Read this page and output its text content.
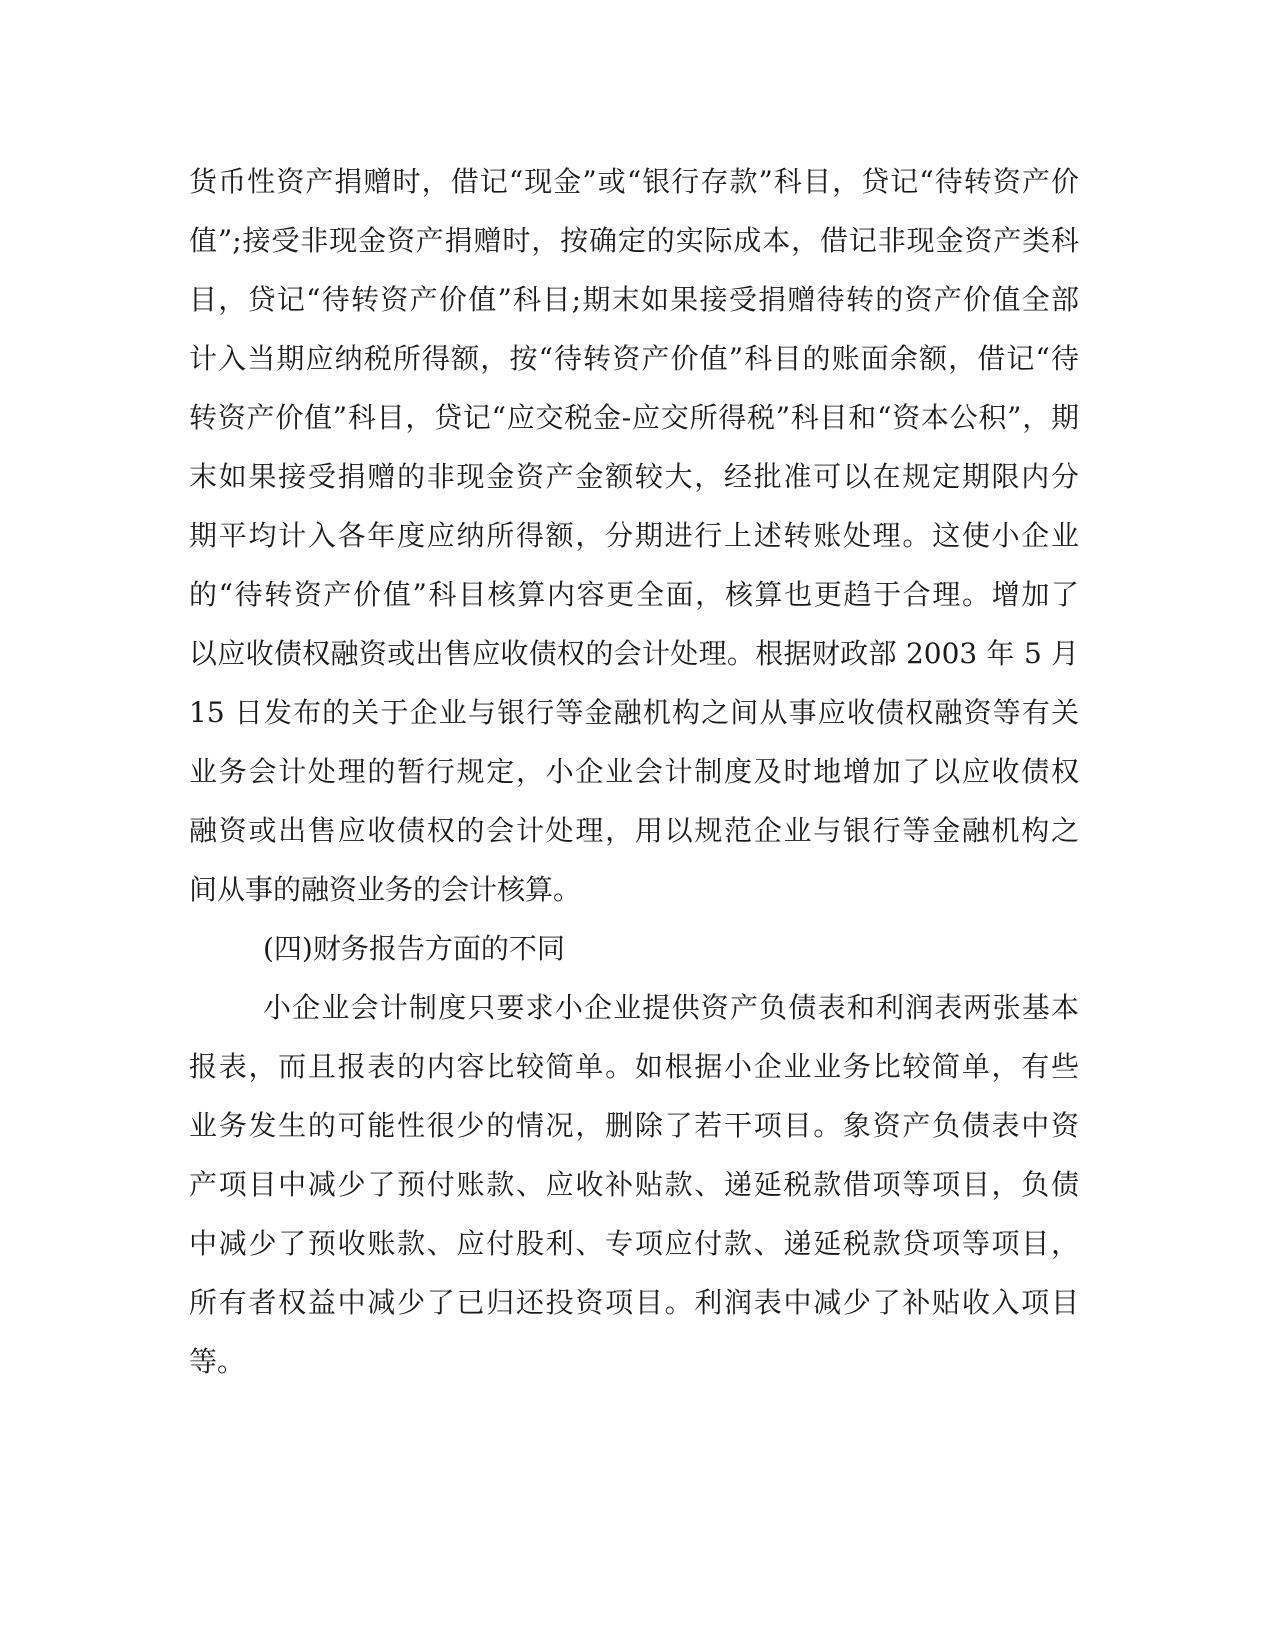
货币性资产捐赠时，借记“现金”或“银行存款”科目，贷记“待转资产价
值”;接受非现金资产捐赠时，按确定的实际成本，借记非现金资产类科
目，贷记“待转资产价值”科目;期末如果接受捐赠待转的资产价值全部
计入当期应纳税所得额，按“待转资产价值”科目的账面余额，借记“待
转资产价值”科目，贷记“应交税金-应交所得税”科目和“资本公积”，期
末如果接受捐赠的非现金资产金额较大，经批准可以在规定期限内分
期平均计入各年度应纳所得额，分期进行上述转账处理。这使小企业
的“待转资产价值”科目核算内容更全面，核算也更趋于合理。增加了
以应收债权融资或出售应收债权的会计处理。根据财政部 2003 年 5 月
15 日发布的关于企业与银行等金融机构之间从事应收债权融资等有关
业务会计处理的暂行规定，小企业会计制度及时地增加了以应收债权
融资或出售应收债权的会计处理，用以规范企业与银行等金融机构之
间从事的融资业务的会计核算。
(四)财务报告方面的不同
小企业会计制度只要求小企业提供资产负债表和利润表两张基本
报表，而且报表的内容比较简单。如根据小企业业务比较简单，有些
业务发生的可能性很少的情况，删除了若干项目。象资产负债表中资
产项目中减少了预付账款、应收补贴款、递延税款借项等项目，负债
中减少了预收账款、应付股利、专项应付款、递延税款贷项等项目，
所有者权益中减少了已归还投资项目。利润表中减少了补贴收入项目
等。
